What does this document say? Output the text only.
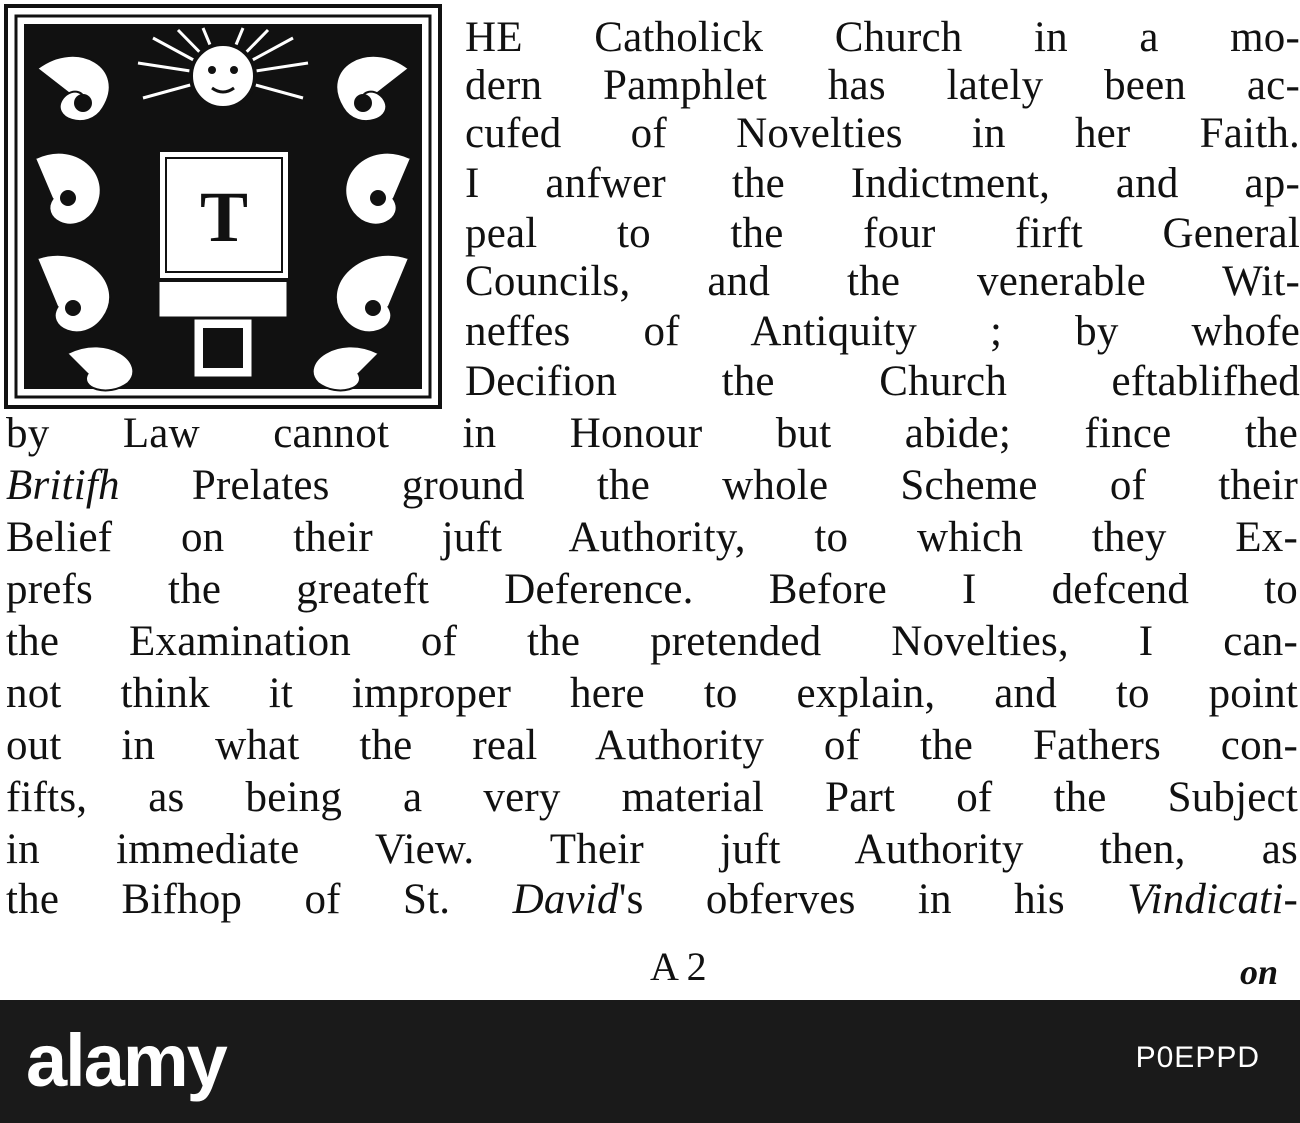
T
HE Catholick Church in a mo-
dern Pamphlet has lately been ac-
cufed of Novelties in her Faith.
I anfwer the Indictment, and ap-
peal to the four firft General
Councils, and the venerable Wit-
neffes of Antiquity ; by whofe
Decifion the Church eftablifhed
by Law cannot in Honour but abide; fince the
Britifh Prelates ground the whole Scheme of their
Belief on their juft Authority, to which they Ex-
prefs the greateft Deference. Before I defcend to
the Examination of the pretended Novelties, I can-
not think it improper here to explain, and to point
out in what the real Authority of the Fathers con-
fifts, as being a very material Part of the Subject
in immediate View. Their juft Authority then, as
the Bifhop of St. David's obferves in his Vindicati-
A 2	on
alamy	P0EPPD
